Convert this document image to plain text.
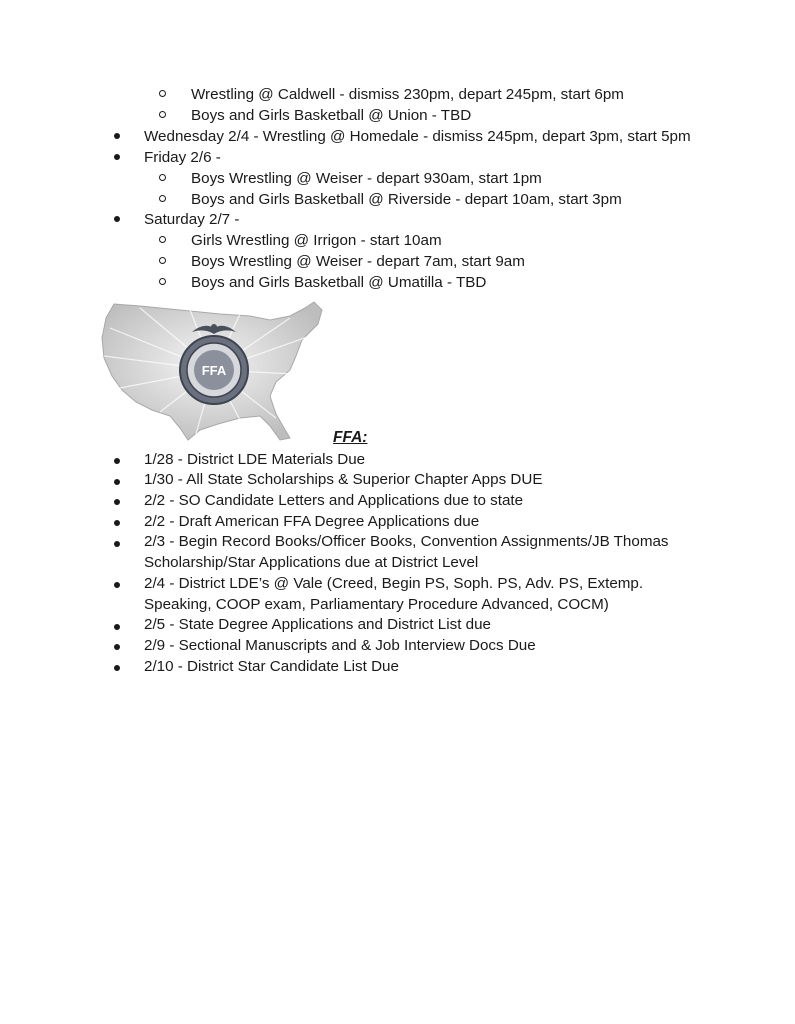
Wrestling @ Caldwell - dismiss 230pm, depart 245pm, start 6pm
Boys and Girls Basketball @ Union - TBD
Wednesday 2/4 - Wrestling @ Homedale - dismiss 245pm, depart 3pm, start 5pm
Friday 2/6 -
Boys Wrestling @ Weiser - depart 930am, start 1pm
Boys and Girls Basketball @ Riverside - depart 10am, start 3pm
Saturday 2/7 -
Girls Wrestling @ Irrigon - start 10am
Boys Wrestling @ Weiser - depart 7am, start 9am
Boys and Girls Basketball @ Umatilla - TBD
FFA
FFA:
1/28 - District LDE Materials Due
1/30 - All State Scholarships & Superior Chapter Apps DUE
2/2 - SO Candidate Letters and Applications due to state
2/2 - Draft American FFA Degree Applications due
2/3 - Begin Record Books/Officer Books, Convention Assignments/JB Thomas
Scholarship/Star Applications due at District Level
2/4 - District LDE’s @ Vale (Creed, Begin PS, Soph. PS, Adv. PS, Extemp.
Speaking, COOP exam, Parliamentary Procedure Advanced, COCM)
2/5 - State Degree Applications and District List due
2/9 - Sectional Manuscripts and & Job Interview Docs Due
2/10 - District Star Candidate List Due
